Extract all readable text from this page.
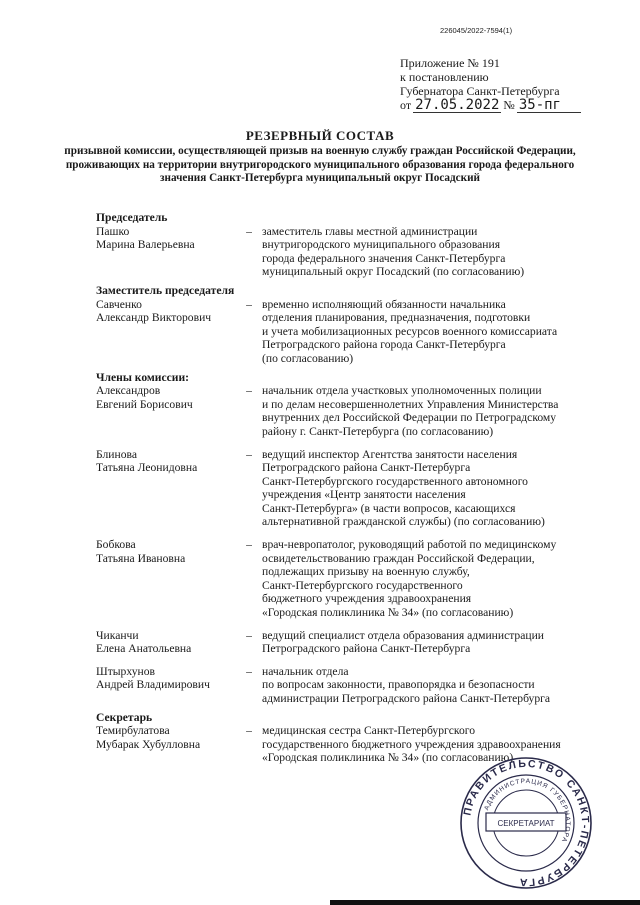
226045/2022-7594(1)
Приложение № 191
к постановлению
Губернатора Санкт-Петербурга
от 27.05.2022 № 35-пг
РЕЗЕРВНЫЙ СОСТАВ
призывной комиссии, осуществляющей призыв на военную службу граждан Российской Федерации, проживающих на территории внутригородского муниципального образования города федерального значения Санкт-Петербурга муниципальный округ Посадский
Председатель
Пашко
Марина Валерьевна
– заместитель главы местной администрации
внутригородского муниципального образования
города федерального значения Санкт-Петербурга
муниципальный округ Посадский (по согласованию)
Заместитель председателя
Савченко
Александр Викторович
– временно исполняющий обязанности начальника
отделения планирования, предназначения, подготовки
и учета мобилизационных ресурсов военного комиссариата
Петроградского района города Санкт-Петербурга
(по согласованию)
Члены комиссии:
Александров
Евгений Борисович
– начальник отдела участковых уполномоченных полиции
и по делам несовершеннолетних Управления Министерства
внутренних дел Российской Федерации по Петроградскому
району г. Санкт-Петербурга (по согласованию)
Блинова
Татьяна Леонидовна
– ведущий инспектор Агентства занятости населения
Петроградского района Санкт-Петербурга
Санкт-Петербургского государственного автономного
учреждения «Центр занятости населения
Санкт-Петербурга» (в части вопросов, касающихся
альтернативной гражданской службы) (по согласованию)
Бобкова
Татьяна Ивановна
– врач-невропатолог, руководящий работой по медицинскому
освидетельствованию граждан Российской Федерации,
подлежащих призыву на военную службу,
Санкт-Петербургского государственного
бюджетного учреждения здравоохранения
«Городская поликлиника № 34» (по согласованию)
Чиканчи
Елена Анатольевна
– ведущий специалист отдела образования администрации
Петроградского района Санкт-Петербурга
Штырхунов
Андрей Владимирович
– начальник отдела
по вопросам законности, правопорядка и безопасности
администрации Петроградского района Санкт-Петербурга
Секретарь
Темирбулатова
Мубарак Хубулловна
– медицинская сестра Санкт-Петербургского
государственного бюджетного учреждения здравоохранения
«Городская поликлиника № 34» (по согласованию)
ПРАВИТЕЛЬСТВО САНКТ-ПЕТЕРБУРГА
АДМИНИСТРАЦИЯ ГУБЕРНАТОРА
СЕКРЕТАРИАТ
